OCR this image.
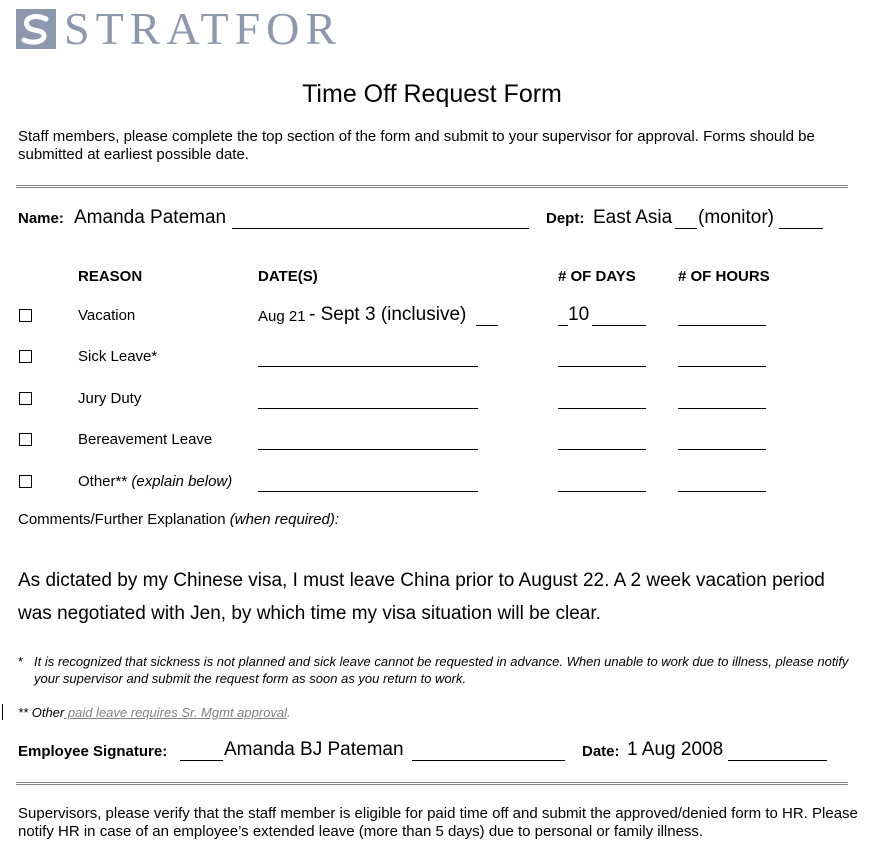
STRATFOR
Time Off Request Form
Staff members, please complete the top section of the form and submit to your supervisor for approval. Forms should be submitted at earliest possible date.
Name: Amanda Pateman	Dept: East Asia (monitor)
REASON	DATE(S)	# OF DAYS	# OF HOURS
Vacation	Aug 21 - Sept 3 (inclusive)	10
Sick Leave*
Jury Duty
Bereavement Leave
Other** (explain below)
Comments/Further Explanation (when required):
As dictated by my Chinese visa, I must leave China prior to August 22. A 2 week vacation period was negotiated with Jen, by which time my visa situation will be clear.
* It is recognized that sickness is not planned and sick leave cannot be requested in advance. When unable to work due to illness, please notify your supervisor and submit the request form as soon as you return to work.
** Other paid leave requires Sr. Mgmt approval.
Employee Signature:	Amanda BJ Pateman	Date: 1 Aug 2008
Supervisors, please verify that the staff member is eligible for paid time off and submit the approved/denied form to HR. Please notify HR in case of an employee’s extended leave (more than 5 days) due to personal or family illness.
